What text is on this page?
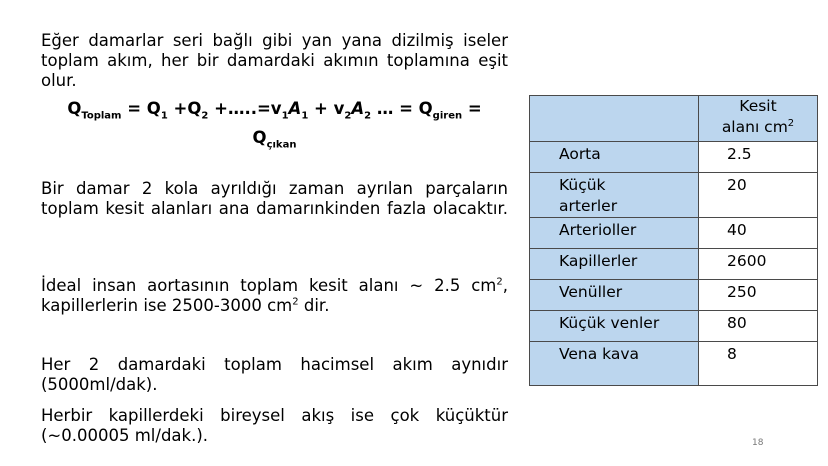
Eğer damarlar seri bağlı gibi yan yana dizilmiş iseler toplam akım, her bir damardaki akımın toplamına eşit olur.
$Q_{Toplam} = Q_1 +Q_2$ $+\dots..=v_1A_1 + v_2A_2$ … = $Q_{giren}$ =
$Q_{çıkan}$
Bir damar 2 kola ayrıldığı zaman ayrılan parçaların toplam kesit alanları ana damarınkinden fazla olacaktır.
İdeal insan aortasının toplam kesit alanı ~ 2.5 $cm^2$, kapillerlerin ise 2500-3000 $cm^2$ dir.
Her 2 damardaki toplam hacimsel akım aynıdır (5000ml/dak).
Herbir kapillerdeki bireysel akış ise çok küçüktür (~0.00005 ml/dak.).
	Kesit
alanı $cm^2$
Aorta	2.5
Küçük
arterler	20
Arterioller	40
Kapillerler	2600
Venüller	250
Küçük venler	80
Vena kava	8
18
